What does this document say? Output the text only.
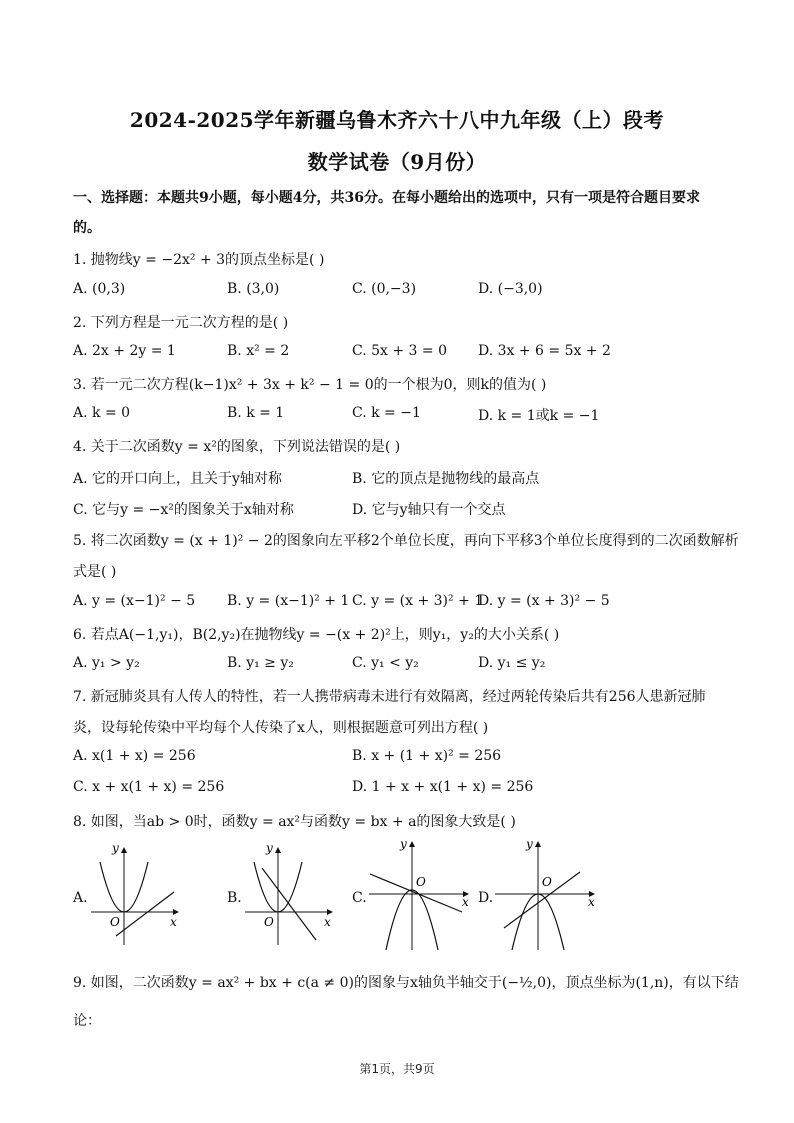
2024-2025学年新疆乌鲁木齐六十八中九年级（上）段考
数学试卷（9月份）
一、选择题：本题共9小题，每小题4分，共36分。在每小题给出的选项中，只有一项是符合题目要求
的。
1. 抛物线y = −2x² + 3的顶点坐标是( )
A. (0,3)	B. (3,0)	C. (0,−3)	D. (−3,0)
2. 下列方程是一元二次方程的是( )
A. 2x + 2y = 1	B. x² = 2	C. 5x + 3 = 0 D. 3x + 6 = 5x + 2
3. 若一元二次方程(k−1)x² + 3x + k² − 1 = 0的一个根为0，则k的值为( )
A. k = 0	B. k = 1	C. k = −1	D. k = 1或k = −1
4. 关于二次函数y = x²的图象，下列说法错误的是( )
A. 它的开口向上，且关于y轴对称	B. 它的顶点是抛物线的最高点
C. 它与y = −x²的图象关于x轴对称	D. 它与y轴只有一个交点
5. 将二次函数y = (x + 1)² − 2的图象向左平移2个单位长度，再向下平移3个单位长度得到的二次函数解析
式是( )
A. y = (x−1)² − 5 B. y = (x−1)² + 1 C. y = (x + 3)² + 1
D. y = (x + 3)² − 5
6. 若点A(−1,y₁)，B(2,y₂)在抛物线y = −(x + 2)²上，则y₁，y₂的大小关系( )
A. y₁ > y₂	B. y₁ ≥ y₂	C. y₁ < y₂	D. y₁ ≤ y₂
7. 新冠肺炎具有人传人的特性，若一人携带病毒未进行有效隔离，经过两轮传染后共有256人患新冠肺
炎，设每轮传染中平均每个人传染了x人，则根据题意可列出方程( )
A. x(1 + x) = 256	B. x + (1 + x)² = 256
C. x + x(1 + x) = 256	D. 1 + x + x(1 + x) = 256
8. 如图，当ab > 0时，函数y = ax²与函数y = bx + a的图象大致是( )
A.	B.	C.	D.
y
x
O
y
x
O
y
x
O
y
x
O
9. 如图，二次函数y = ax² + bx + c(a ≠ 0)的图象与x轴负半轴交于(−½,0)，顶点坐标为(1,n)，有以下结
论：
第1页，共9页
